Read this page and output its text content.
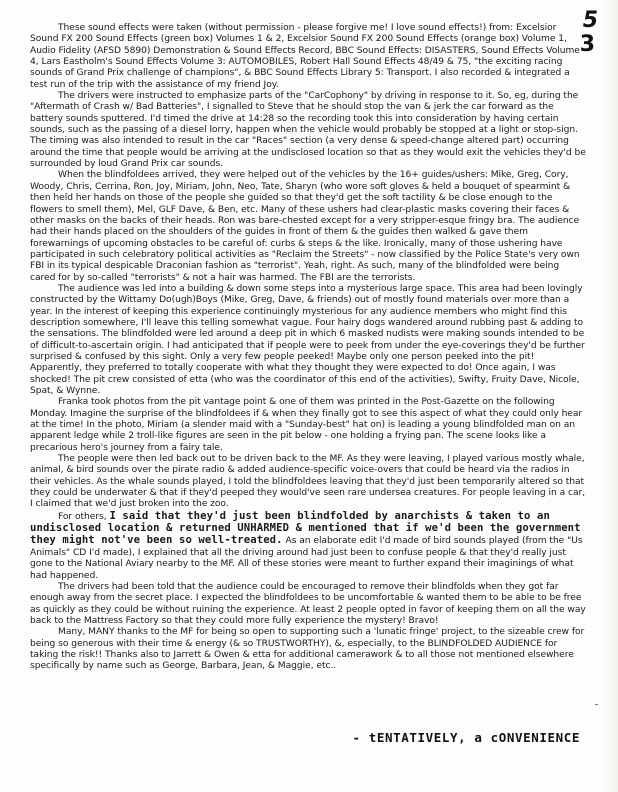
5
3

These sound effects were taken (without permission - please forgive me! I love sound effects!) from: Excelsior Sound FX 200 Sound Effects (green box) Volumes 1 & 2, Excelsior Sound FX 200 Sound Effects (orange box) Volume 1, Audio Fidelity (AFSD 5890) Demonstration & Sound Effects Record, BBC Sound Effects: DISASTERS, Sound Effects Volume 4, Lars Eastholm's Sound Effects Volume 3: AUTOMOBILES, Robert Hall Sound Effects 48/49 & 75, "the exciting racing sounds of Grand Prix challenge of champions", & BBC Sound Effects Library 5: Transport. I also recorded & integrated a test run of the trip with the assistance of my friend Joy.

The drivers were instructed to emphasize parts of the "CarCophony" by driving in response to it. So, eg, during the "Aftermath of Crash w/ Bad Batteries", I signalled to Steve that he should stop the van & jerk the car forward as the battery sounds sputtered. I'd timed the drive at 14:28 so the recording took this into consideration by having certain sounds, such as the passing of a diesel lorry, happen when the vehicle would probably be stopped at a light or stop-sign. The timing was also intended to result in the car "Races" section (a very dense & speed-change altered part) occurring around the time that people would be arriving at the undisclosed location so that as they would exit the vehicles they'd be surrounded by loud Grand Prix car sounds.

When the blindfoldees arrived, they were helped out of the vehicles by the 16+ guides/ushers: Mike, Greg, Cory, Woody, Chris, Cerrina, Ron, Joy, Miriam, John, Neo, Tate, Sharyn (who wore soft gloves & held a bouquet of spearmint & then held her hands on those of the people she guided so that they'd get the soft tactility & be close enough to the flowers to smell them), Mel, GLF Dave, & Ben, etc. Many of these ushers had clear-plastic masks covering their faces & other masks on the backs of their heads. Ron was bare-chested except for a very stripper-esque fringy bra. The audience had their hands placed on the shoulders of the guides in front of them & the guides then walked & gave them forewarnings of upcoming obstacles to be careful of: curbs & steps & the like. Ironically, many of those ushering have participated in such celebratory political activities as "Reclaim the Streets" - now classified by the Police State's very own FBI in its typical despicable Draconian fashion as "terrorist". Yeah, right. As such, many of the blindfolded were being cared for by so-called "terrorists" & not a hair was harmed. The FBI are the terrorists.

The audience was led into a building & down some steps into a mysterious large space. This area had been lovingly constructed by the Wittamy Do(ugh)Boys (Mike, Greg, Dave, & friends) out of mostly found materials over more than a year. In the interest of keeping this experience continuingly mysterious for any audience members who might find this description somewhere, I'll leave this telling somewhat vague. Four hairy dogs wandered around rubbing past & adding to the sensations. The blindfolded were led around a deep pit in which 6 masked nudists were making sounds intended to be of difficult-to-ascertain origin. I had anticipated that if people were to peek from under the eye-coverings they'd be further surprised & confused by this sight. Only a very few people peeked! Maybe only one person peeked into the pit! Apparently, they preferred to totally cooperate with what they thought they were expected to do! Once again, I was shocked! The pit crew consisted of etta (who was the coordinator of this end of the activities), Swifty, Fruity Dave, Nicole, Spat, & Wynne.

Franka took photos from the pit vantage point & one of them was printed in the Post-Gazette on the following Monday. Imagine the surprise of the blindfoldees if & when they finally got to see this aspect of what they could only hear at the time! In the photo, Miriam (a slender maid with a "Sunday-best" hat on) is leading a young blindfolded man on an apparent ledge while 2 troll-like figures are seen in the pit below - one holding a frying pan. The scene looks like a precarious hero's journey from a fairy tale.

The people were then led back out to be driven back to the MF. As they were leaving, I played various mostly whale, animal, & bird sounds over the pirate radio & added audience-specific voice-overs that could be heard via the radios in their vehicles. As the whale sounds played, I told the blindfoldees leaving that they'd just been temporarily altered so that they could be underwater & that if they'd peeped they would've seen rare undersea creatures. For people leaving in a car, I claimed that we'd just broken into the zoo.

For others, I said that they'd just been blindfolded by anarchists & taken to an undisclosed location & returned UNHARMED & mentioned that if we'd been the government they might not've been so well-treated. As an elaborate edit I'd made of bird sounds played (from the "Us Animals" CD I'd made), I explained that all the driving around had just been to confuse people & that they'd really just gone to the National Aviary nearby to the MF. All of these stories were meant to further expand their imaginings of what had happened.

The drivers had been told that the audience could be encouraged to remove their blindfolds when they got far enough away from the secret place. I expected the blindfoldees to be uncomfortable & wanted them to be able to be free as quickly as they could be without ruining the experience. At least 2 people opted in favor of keeping them on all the way back to the Mattress Factory so that they could more fully experience the mystery! Bravo!

Many, MANY thanks to the MF for being so open to supporting such a 'lunatic fringe' project, to the sizeable crew for being so generous with their time & energy (& so TRUSTWORTHY), &, especially, to the BLINDFOLDED AUDIENCE for taking the risk!! Thanks also to Jarrett & Owen & etta for additional camerawork & to all those not mentioned elsewhere specifically by name such as George, Barbara, Jean, & Maggie, etc..

- tENTATIVELY, a cONVENIENCE
